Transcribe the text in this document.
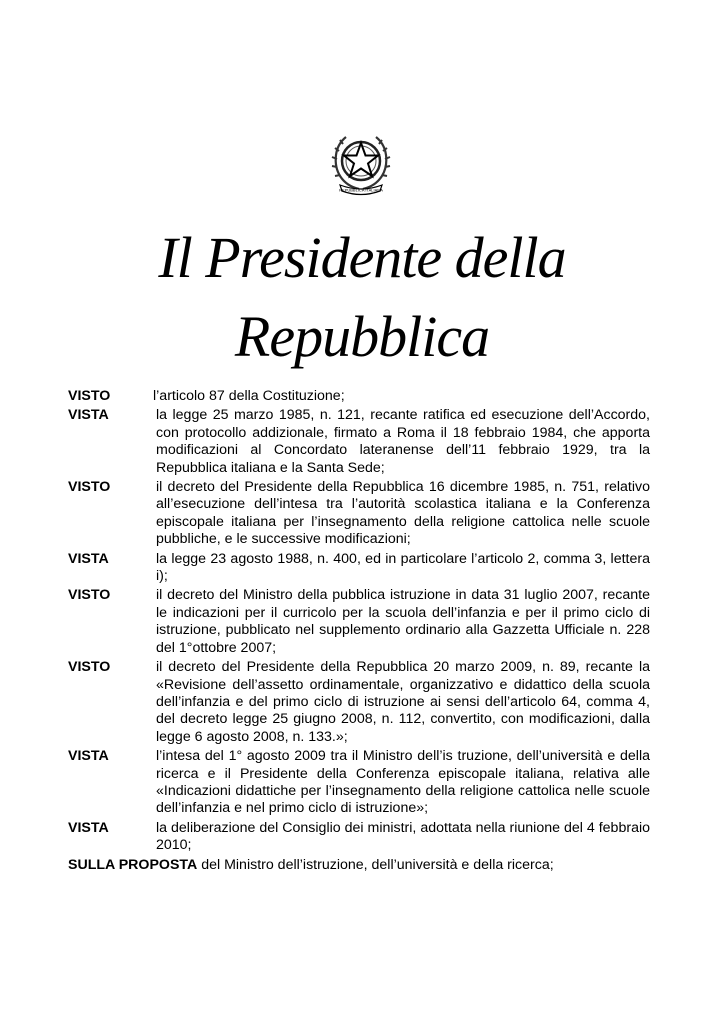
REPUBBLICA ITALIANA
Il Presidente della
Repubblica
VISTO	l’articolo 87 della Costituzione;
VISTA	la legge 25 marzo 1985, n. 121, recante ratifica ed esecuzione dell’Accordo, con protocollo addizionale, firmato a Roma il 18 febbraio 1984, che apporta modificazioni al Concordato lateranense dell’11 febbraio 1929, tra la Repubblica italiana e la Santa Sede;
VISTO	il decreto del Presidente della Repubblica 16 dicembre 1985, n. 751, relativo all’esecuzione dell’intesa tra l’autorità scolastica italiana e la Conferenza episcopale italiana per l’insegnamento della religione cattolica nelle scuole pubbliche, e le successive modificazioni;
VISTA	la legge 23 agosto 1988, n. 400, ed in particolare l’articolo 2, comma 3, lettera i);
VISTO	il decreto del Ministro della pubblica istruzione in data 31 luglio 2007, recante le indicazioni per il curricolo per la scuola dell’infanzia e per il primo ciclo di istruzione, pubblicato nel supplemento ordinario alla Gazzetta Ufficiale n. 228 del 1°ottobre 2007;
VISTO	il decreto del Presidente della Repubblica 20 marzo 2009, n. 89, recante la «Revisione dell’assetto ordinamentale, organizzativo e didattico della scuola dell’infanzia e del primo ciclo di istruzione ai sensi dell’articolo 64, comma 4, del decreto legge 25 giugno 2008, n. 112, convertito, con modificazioni, dalla legge 6 agosto 2008, n. 133.»;
VISTA	l’intesa del 1° agosto 2009 tra il Ministro dell’is truzione, dell’università e della ricerca e il Presidente della Conferenza episcopale italiana, relativa alle «Indicazioni didattiche per l’insegnamento della religione cattolica nelle scuole dell’infanzia e nel primo ciclo di istruzione»;
VISTA	la deliberazione del Consiglio dei ministri, adottata nella riunione del 4 febbraio 2010;
SULLA PROPOSTA del Ministro dell’istruzione, dell’università e della ricerca;
